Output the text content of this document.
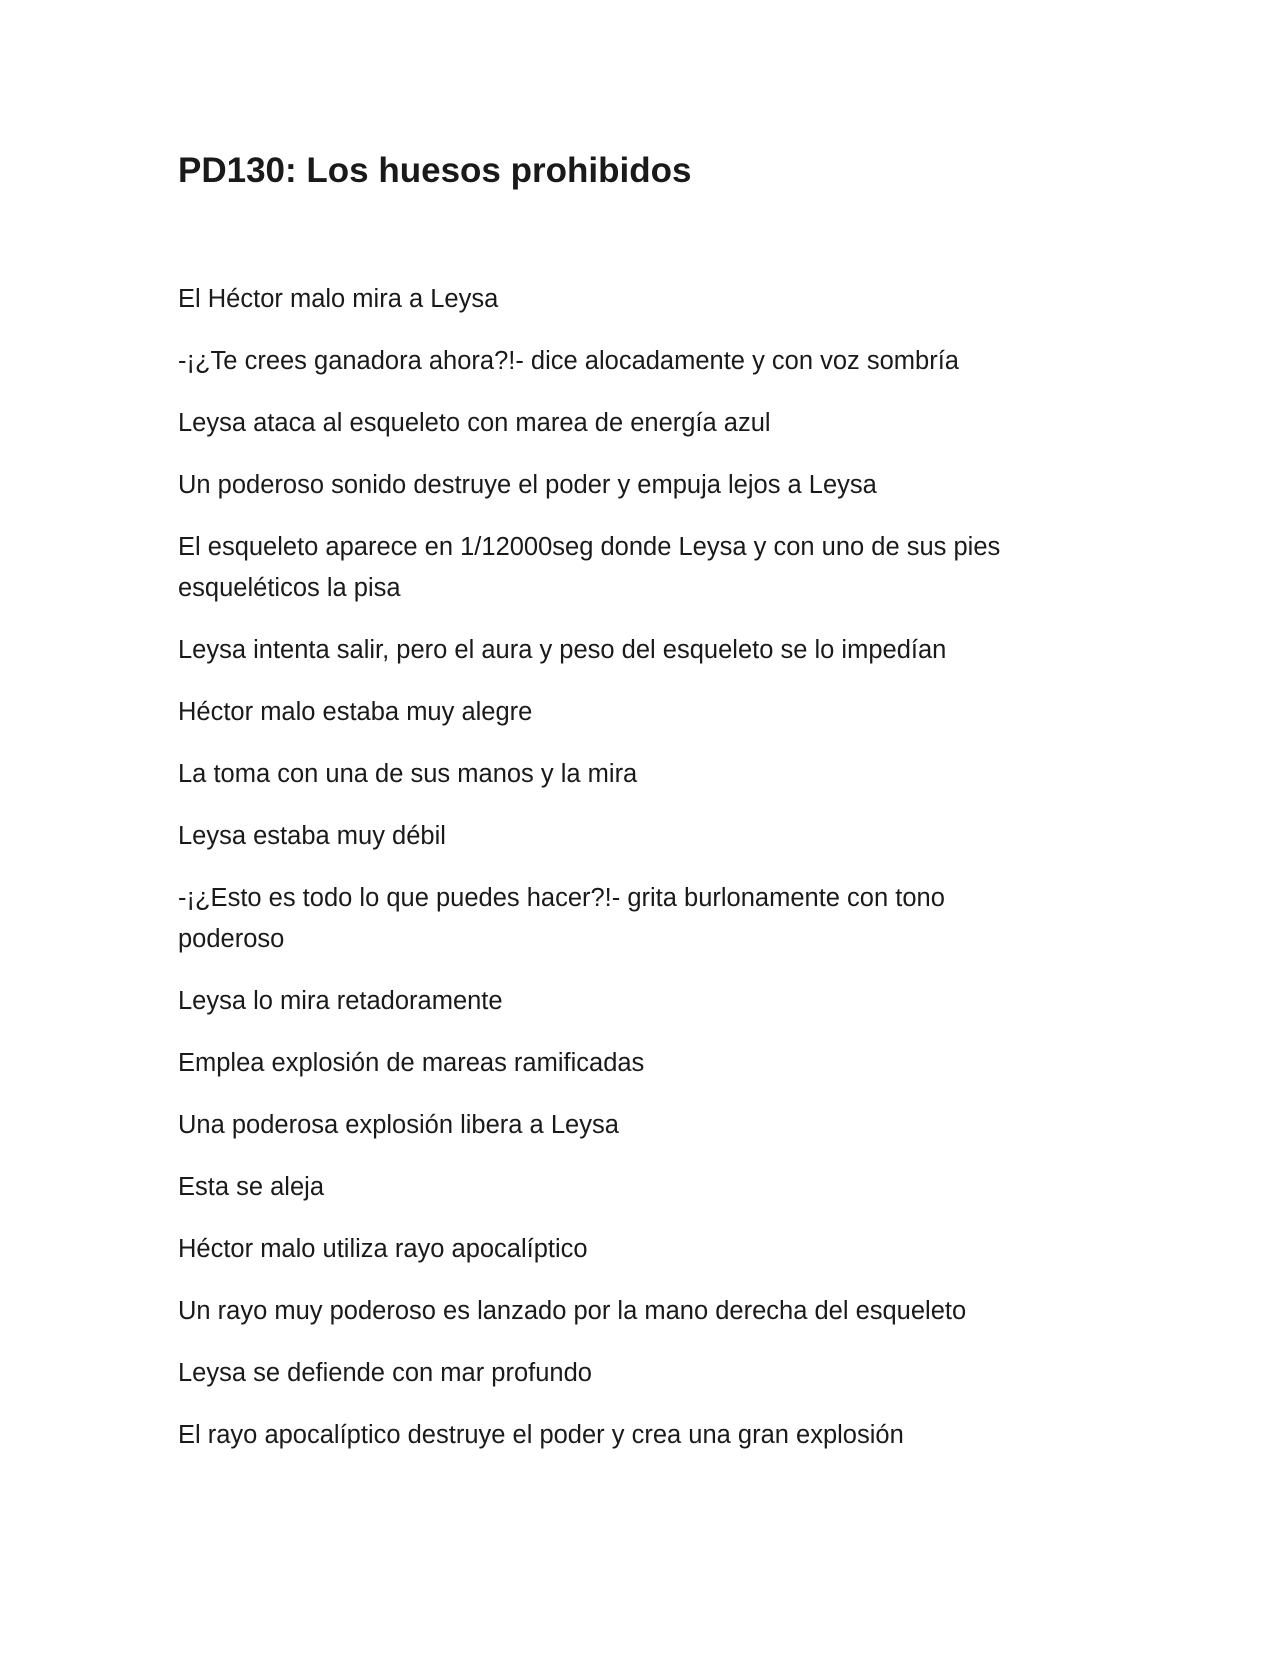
PD130: Los huesos prohibidos

El Héctor malo mira a Leysa

-¡¿Te crees ganadora ahora?!- dice alocadamente y con voz sombría

Leysa ataca al esqueleto con marea de energía azul

Un poderoso sonido destruye el poder y empuja lejos a Leysa

El esqueleto aparece en 1/12000seg donde Leysa y con uno de sus pies esqueléticos la pisa

Leysa intenta salir, pero el aura y peso del esqueleto se lo impedían

Héctor malo estaba muy alegre

La toma con una de sus manos y la mira

Leysa estaba muy débil

-¡¿Esto es todo lo que puedes hacer?!- grita burlonamente con tono poderoso

Leysa lo mira retadoramente

Emplea explosión de mareas ramificadas

Una poderosa explosión libera a Leysa

Esta se aleja

Héctor malo utiliza rayo apocalíptico

Un rayo muy poderoso es lanzado por la mano derecha del esqueleto

Leysa se defiende con mar profundo

El rayo apocalíptico destruye el poder y crea una gran explosión
